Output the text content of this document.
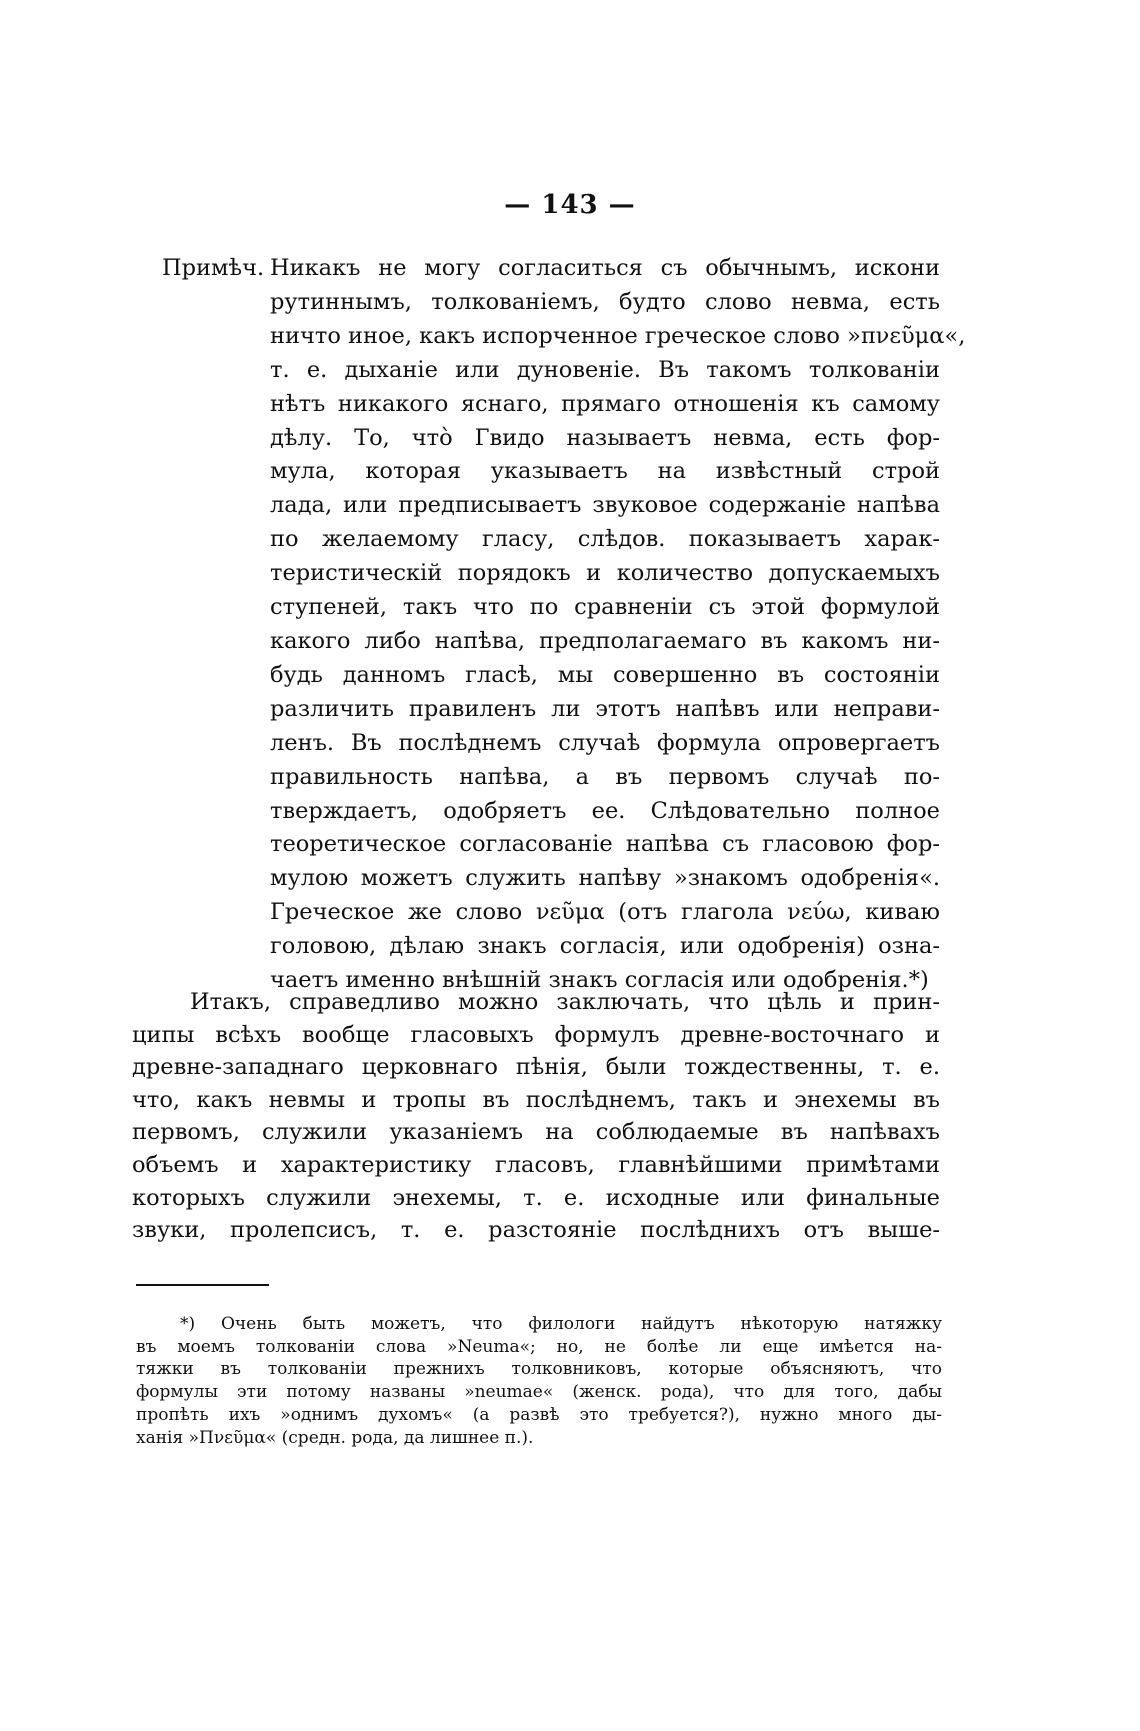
— 143 —
Примѣч. Никакъ не могу согласиться съ обычнымъ, искони
рутиннымъ, толкованіемъ, будто слово невма, есть
ничто иное, какъ испорченное греческое слово »πνεῦμα«,
т. е. дыханіе или дуновеніе. Въ такомъ толкованіи
нѣтъ никакого яснаго, прямаго отношенія къ самому
дѣлу. То, что̀ Гвидо называетъ невма, есть фор-
мула, которая указываетъ на извѣстный строй
лада, или предписываетъ звуковое содержаніе напѣва
по желаемому гласу, слѣдов. показываетъ харак-
теристическій порядокъ и количество допускаемыхъ
ступеней, такъ что по сравненіи съ этой формулой
какого либо напѣва, предполагаемаго въ какомъ ни-
будь данномъ гласѣ, мы совершенно въ состояніи
различить правиленъ ли этотъ напѣвъ или неправи-
ленъ. Въ послѣднемъ случаѣ формула опровергаетъ
правильность напѣва, а въ первомъ случаѣ по-
тверждаетъ, одобряетъ ее. Слѣдовательно полное
теоретическое согласованіе напѣва съ гласовою фор-
мулою можетъ служить напѣву »знакомъ одобренія«.
Греческое же слово νεῦμα (отъ глагола νεύω, киваю
головою, дѣлаю знакъ согласія, или одобренія) озна-
чаетъ именно внѣшній знакъ согласія или одобренія.*)
Итакъ, справедливо можно заключать, что цѣль и прин-
ципы всѣхъ вообще гласовыхъ формулъ древне-восточнаго и
древне-западнаго церковнаго пѣнія, были тождественны, т. е.
что, какъ невмы и тропы въ послѣднемъ, такъ и энехемы въ
первомъ, служили указаніемъ на соблюдаемые въ напѣвахъ
объемъ и характеристику гласовъ, главнѣйшими примѣтами
которыхъ служили энехемы, т. е. исходные или финальные
звуки, пролепсисъ, т. е. разстояніе послѣднихъ отъ выше-
*) Очень быть можетъ, что филологи найдутъ нѣкоторую натяжку
въ моемъ толкованіи слова »Neuma«; но, не болѣе ли еще имѣется на-
тяжки въ толкованіи прежнихъ толковниковъ, которые объясняютъ, что
формулы эти потому названы »neumae« (женск. рода), что для того, дабы
пропѣть ихъ »однимъ духомъ« (а развѣ это требуется?), нужно много ды-
ханія »Πνεῦμα« (средн. рода, да лишнее п.).
